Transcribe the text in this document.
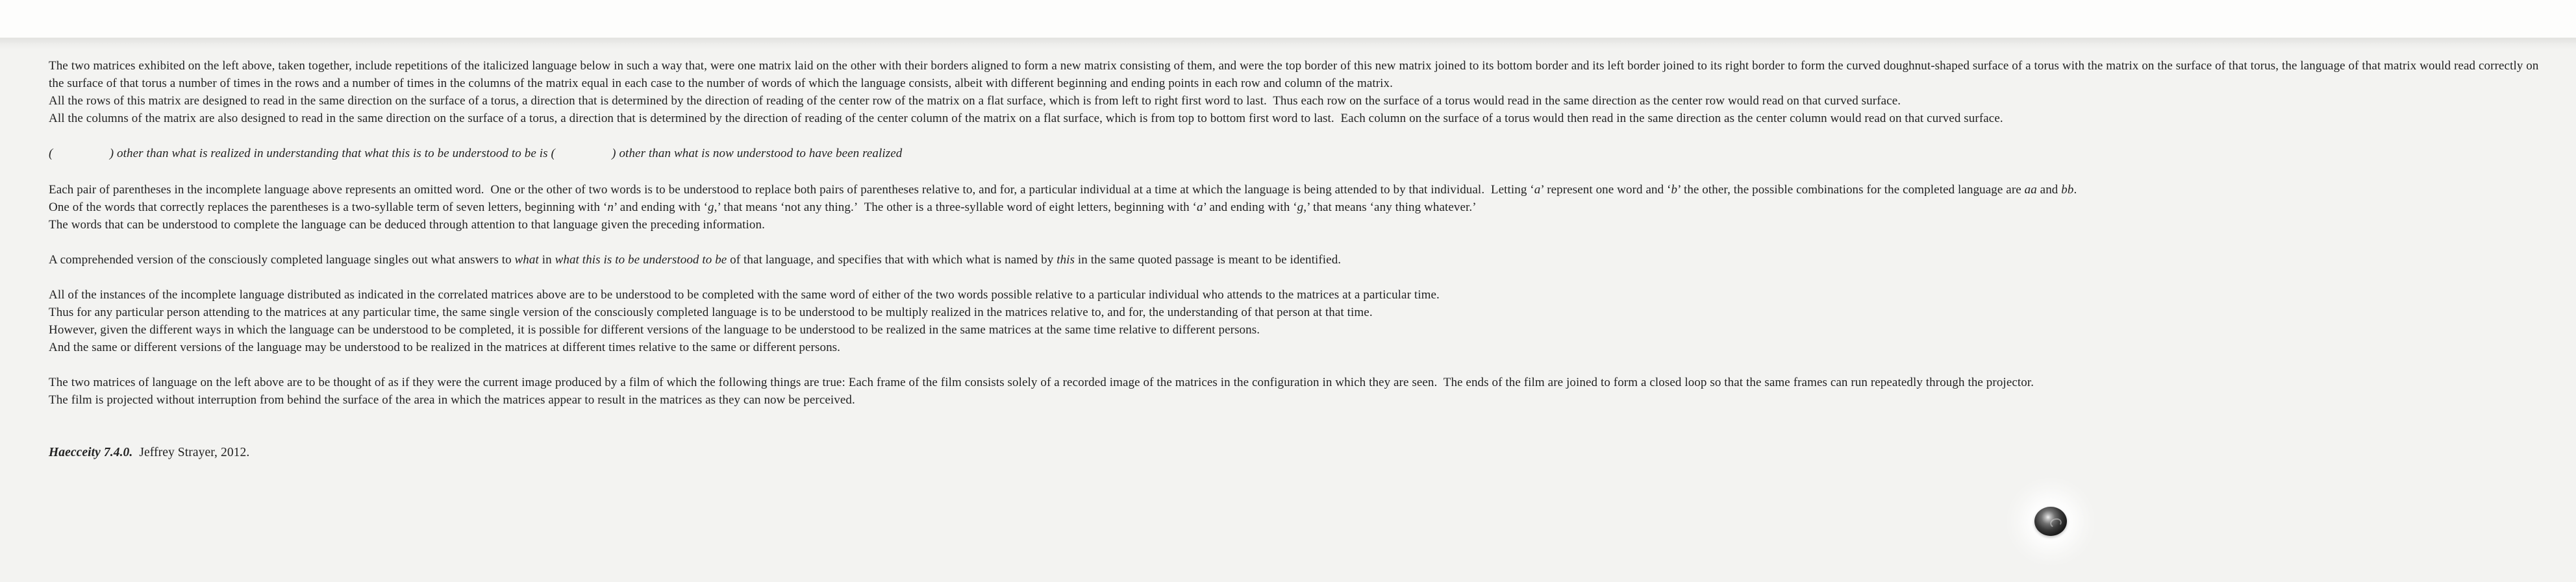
The two matrices exhibited on the left above, taken together, include repetitions of the italicized language below in such a way that, were one matrix laid on the other with their borders aligned to form a new matrix consisting of them, and were the top border of this new matrix joined to its bottom border and its left border joined to its right border to form the curved doughnut-shaped surface of a torus with the matrix on the surface of that torus, the language of that matrix would read correctly on the surface of that torus a number of times in the rows and a number of times in the columns of the matrix equal in each case to the number of words of which the language consists, albeit with different beginning and ending points in each row and column of the matrix.
All the rows of this matrix are designed to read in the same direction on the surface of a torus, a direction that is determined by the direction of reading of the center row of the matrix on a flat surface, which is from left to right first word to last.  Thus each row on the surface of a torus would read in the same direction as the center row would read on that curved surface.
All the columns of the matrix are also designed to read in the same direction on the surface of a torus, a direction that is determined by the direction of reading of the center column of the matrix on a flat surface, which is from top to bottom first word to last.  Each column on the surface of a torus would then read in the same direction as the center column would read on that curved surface.
(                  ) other than what is realized in understanding that what this is to be understood to be is (                  ) other than what is now understood to have been realized
Each pair of parentheses in the incomplete language above represents an omitted word.  One or the other of two words is to be understood to replace both pairs of parentheses relative to, and for, a particular individual at a time at which the language is being attended to by that individual.  Letting ‘a’ represent one word and ‘b’ the other, the possible combinations for the completed language are aa and bb.
One of the words that correctly replaces the parentheses is a two-syllable term of seven letters, beginning with ‘n’ and ending with ‘g,’ that means ‘not any thing.’  The other is a three-syllable word of eight letters, beginning with ‘a’ and ending with ‘g,’ that means ‘any thing whatever.’
The words that can be understood to complete the language can be deduced through attention to that language given the preceding information.
A comprehended version of the consciously completed language singles out what answers to what in what this is to be understood to be of that language, and specifies that with which what is named by this in the same quoted passage is meant to be identified.
All of the instances of the incomplete language distributed as indicated in the correlated matrices above are to be understood to be completed with the same word of either of the two words possible relative to a particular individual who attends to the matrices at a particular time.
Thus for any particular person attending to the matrices at any particular time, the same single version of the consciously completed language is to be understood to be multiply realized in the matrices relative to, and for, the understanding of that person at that time.
However, given the different ways in which the language can be understood to be completed, it is possible for different versions of the language to be understood to be realized in the same matrices at the same time relative to different persons.
And the same or different versions of the language may be understood to be realized in the matrices at different times relative to the same or different persons.
The two matrices of language on the left above are to be thought of as if they were the current image produced by a film of which the following things are true: Each frame of the film consists solely of a recorded image of the matrices in the configuration in which they are seen.  The ends of the film are joined to form a closed loop so that the same frames can run repeatedly through the projector.
The film is projected without interruption from behind the surface of the area in which the matrices appear to result in the matrices as they can now be perceived.
Haecceity 7.4.0.  Jeffrey Strayer, 2012.
